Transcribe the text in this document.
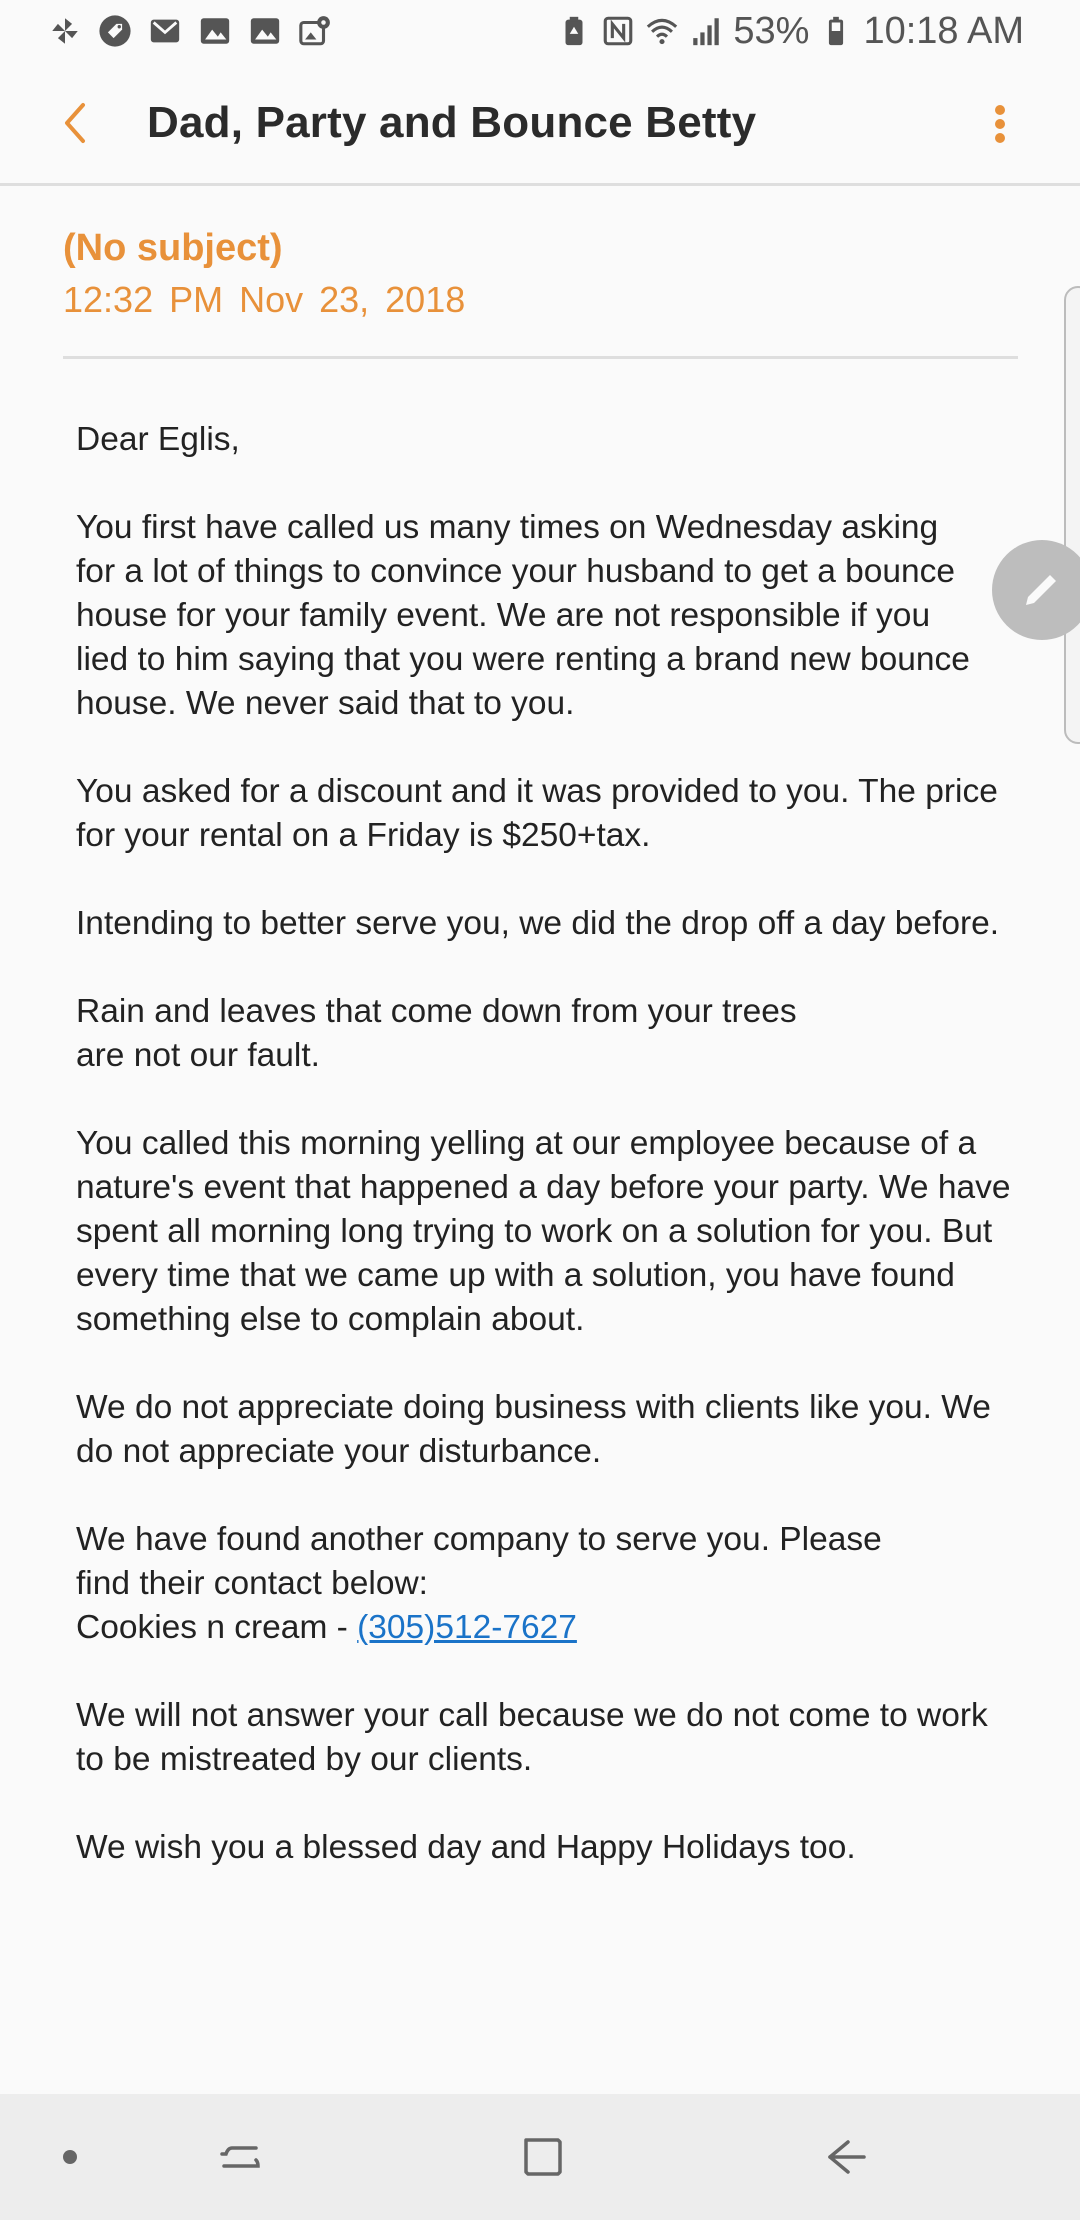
53% 10:18 AM
Dad, Party and Bounce Betty
(No subject)
12:32 PM Nov 23, 2018

Dear Eglis,

You first have called us many times on Wednesday asking
for a lot of things to convince your husband to get a bounce
house for your family event. We are not responsible if you
lied to him saying that you were renting a brand new bounce
house. We never said that to you.

You asked for a discount and it was provided to you. The price
for your rental on a Friday is $250+tax.

Intending to better serve you, we did the drop off a day before.

Rain and leaves that come down from your trees
are not our fault.

You called this morning yelling at our employee because of a
nature's event that happened a day before your party. We have
spent all morning long trying to work on a solution for you. But
every time that we came up with a solution, you have found
something else to complain about.

We do not appreciate doing business with clients like you. We
do not appreciate your disturbance.

We have found another company to serve you. Please
find their contact below:
Cookies n cream - (305)512-7627

We will not answer your call because we do not come to work
to be mistreated by our clients.

We wish you a blessed day and Happy Holidays too.
